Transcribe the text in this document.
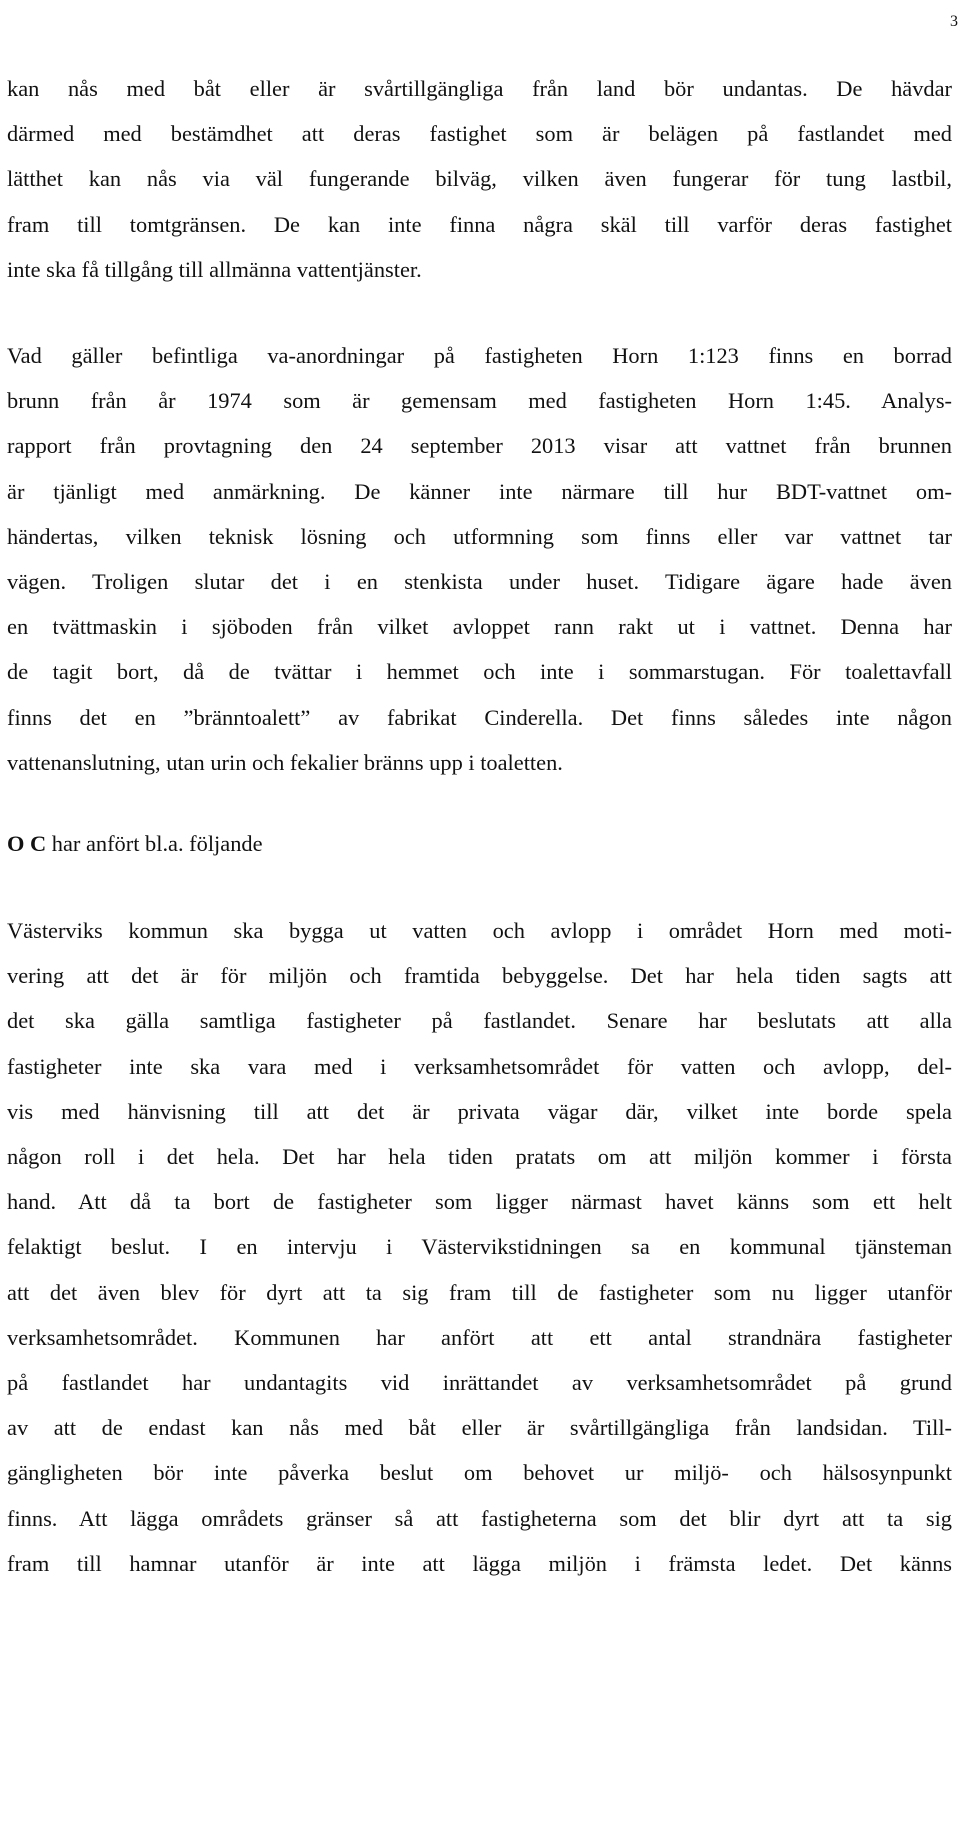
3
kan nås med båt eller är svårtillgängliga från land bör undantas. De hävdar
därmed med bestämdhet att deras fastighet som är belägen på fastlandet med
lätthet kan nås via väl fungerande bilväg, vilken även fungerar för tung lastbil,
fram till tomtgränsen. De kan inte finna några skäl till varför deras fastighet
inte ska få tillgång till allmänna vattentjänster.
Vad gäller befintliga va-anordningar på fastigheten Horn 1:123 finns en borrad
brunn från år 1974 som är gemensam med fastigheten Horn 1:45. Analys-
rapport från provtagning den 24 september 2013 visar att vattnet från brunnen
är tjänligt med anmärkning. De känner inte närmare till hur BDT-vattnet om-
händertas, vilken teknisk lösning och utformning som finns eller var vattnet tar
vägen. Troligen slutar det i en stenkista under huset. Tidigare ägare hade även
en tvättmaskin i sjöboden från vilket avloppet rann rakt ut i vattnet. Denna har
de tagit bort, då de tvättar i hemmet och inte i sommarstugan. För toalettavfall
finns det en ”bränntoalett” av fabrikat Cinderella. Det finns således inte någon
vattenanslutning, utan urin och fekalier bränns upp i toaletten.
O C har anfört bl.a. följande
Västerviks kommun ska bygga ut vatten och avlopp i området Horn med moti-
vering att det är för miljön och framtida bebyggelse. Det har hela tiden sagts att
det ska gälla samtliga fastigheter på fastlandet. Senare har beslutats att alla
fastigheter inte ska vara med i verksamhetsområdet för vatten och avlopp, del-
vis med hänvisning till att det är privata vägar där, vilket inte borde spela
någon roll i det hela. Det har hela tiden pratats om att miljön kommer i första
hand. Att då ta bort de fastigheter som ligger närmast havet känns som ett helt
felaktigt beslut. I en intervju i Västervikstidningen sa en kommunal tjänsteman
att det även blev för dyrt att ta sig fram till de fastigheter som nu ligger utanför
verksamhetsområdet. Kommunen har anfört att ett antal strandnära fastigheter
på fastlandet har undantagits vid inrättandet av verksamhetsområdet på grund
av att de endast kan nås med båt eller är svårtillgängliga från landsidan. Till-
gängligheten bör inte påverka beslut om behovet ur miljö- och hälsosynpunkt
finns. Att lägga områdets gränser så att fastigheterna som det blir dyrt att ta sig
fram till hamnar utanför är inte att lägga miljön i främsta ledet. Det känns
